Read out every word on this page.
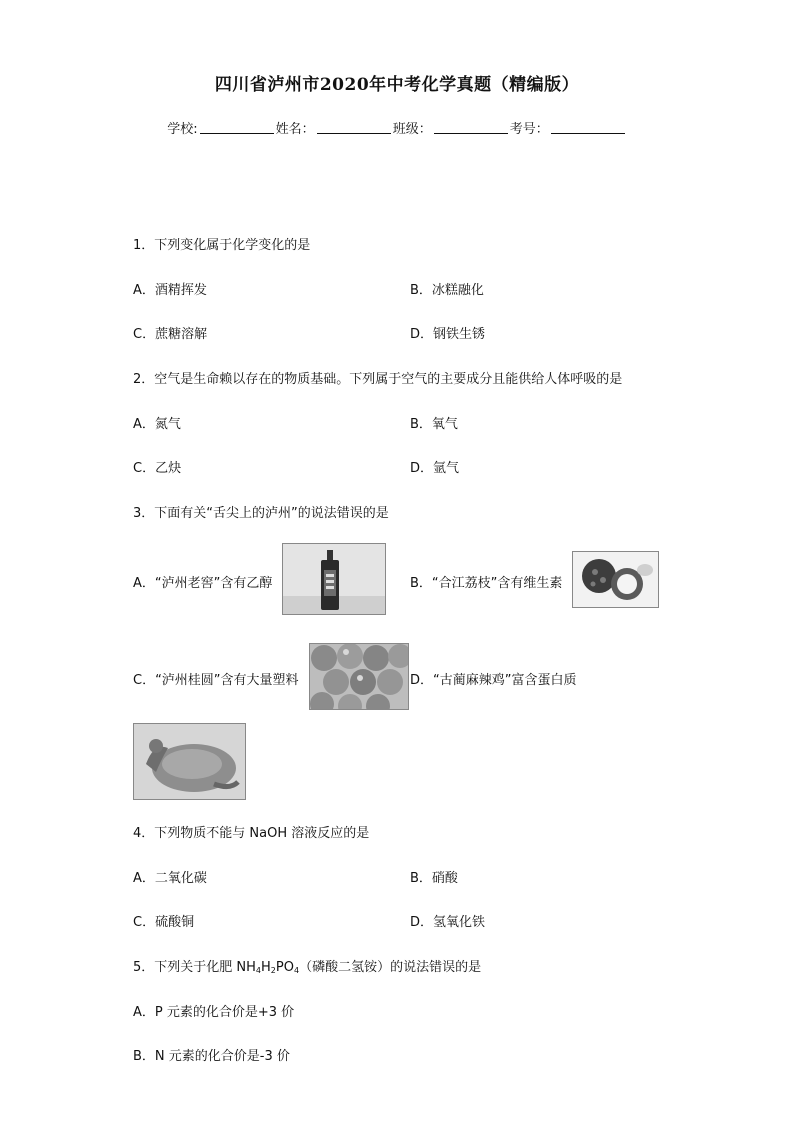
四川省泸州市2020年中考化学真题（精编版）
学校:	姓名：	班级：	考号：
1．下列变化属于化学变化的是
A．酒精挥发	B．冰糕融化
C．蔗糖溶解	D．钢铁生锈
2．空气是生命赖以存在的物质基础。下列属于空气的主要成分且能供给人体呼吸的是
A．氮气	B．氧气
C．乙炔	D．氩气
3．下面有关“舌尖上的泸州”的说法错误的是
A．“泸州老窖”含有乙醇	B．“合江荔枝”含有维生素
C．“泸州桂圆”含有大量塑料	D．“古蔺麻辣鸡”富含蛋白质
4．下列物质不能与 NaOH 溶液反应的是
A．二氧化碳	B．硝酸
C．硫酸铜	D．氢氧化铁
5．下列关于化肥 $NH_4H_2PO_4$（磷酸二氢铵）的说法错误的是
A．P 元素的化合价是+3 价
B．N 元素的化合价是-3 价
